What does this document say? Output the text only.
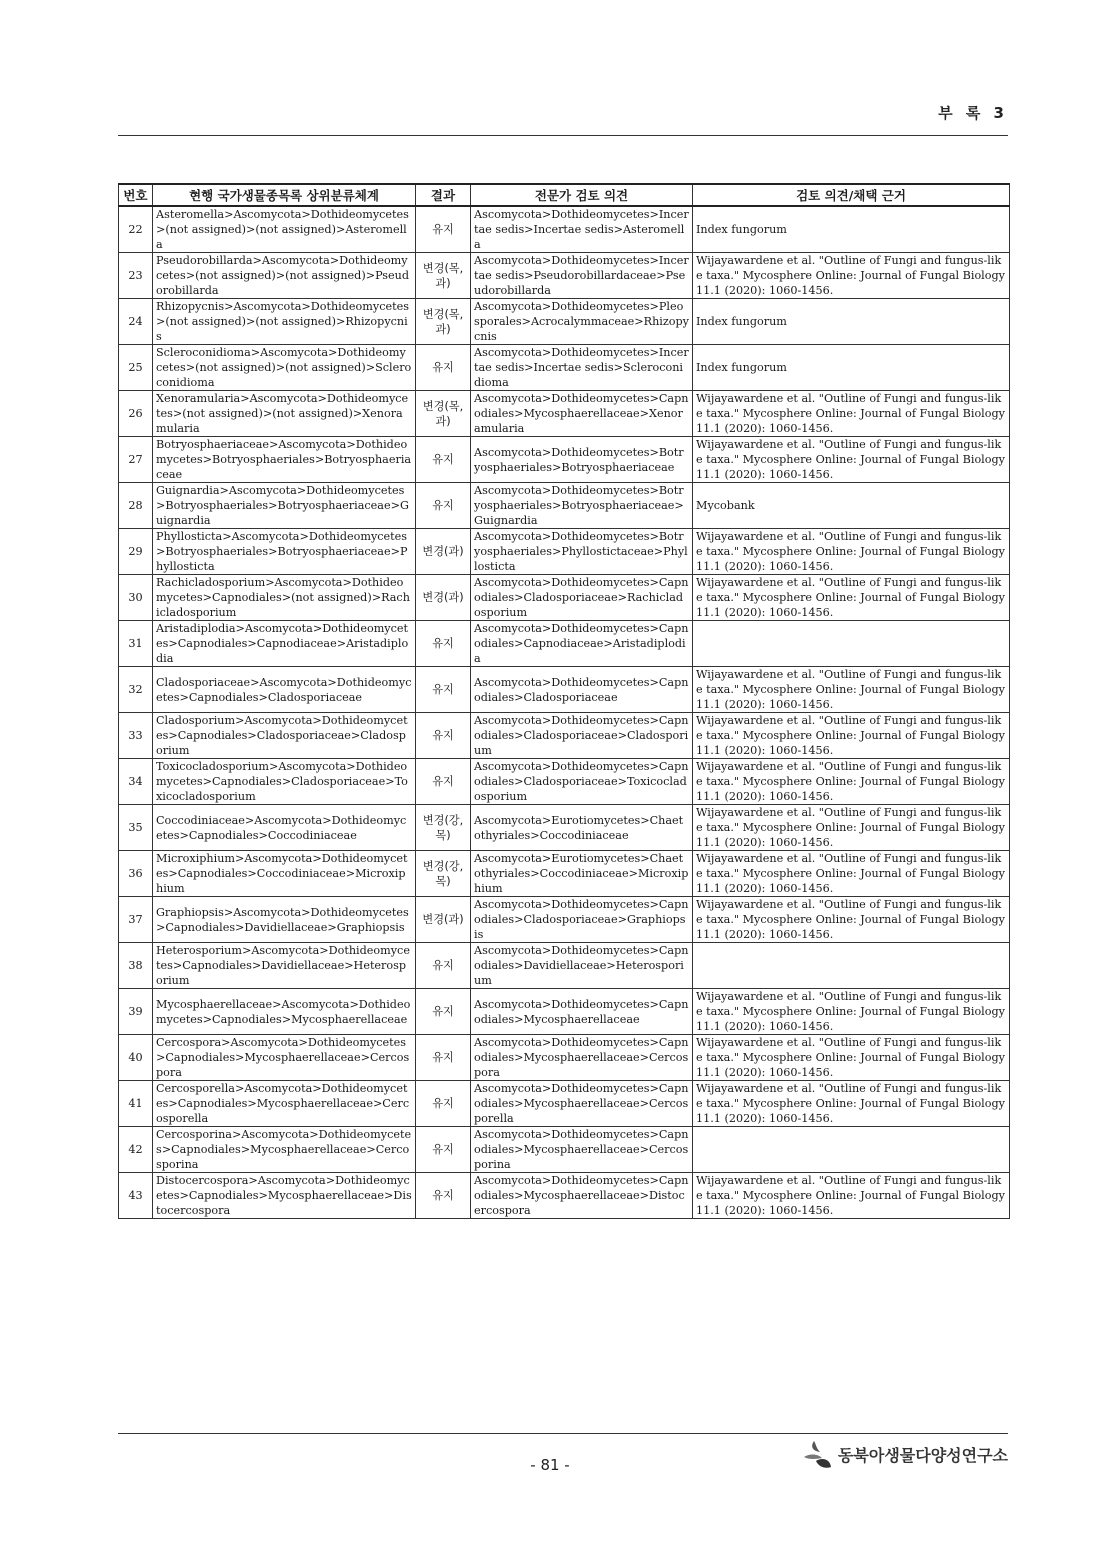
부 록 3
번호	현행 국가생물종목록 상위분류체계	결과	전문가 검토 의견	검토 의견/채택 근거
22	Asteromella>Ascomycota>Dothideomycetes>(not assigned)>(not assigned)>Asteromella	유지	Ascomycota>Dothideomycetes>Incertae sedis>Incertae sedis>Asteromella	Index fungorum
23	Pseudorobillarda>Ascomycota>Dothideomycetes>(not assigned)>(not assigned)>Pseudorobillarda	변경(목, 과)	Ascomycota>Dothideomycetes>Incertae sedis>Pseudorobillardaceae>Pseudorobillarda	Wijayawardene et al. "Outline of Fungi and fungus-like taxa." Mycosphere Online: Journal of Fungal Biology 11.1 (2020): 1060-1456.
24	Rhizopycnis>Ascomycota>Dothideomycetes>(not assigned)>(not assigned)>Rhizopycnis	변경(목, 과)	Ascomycota>Dothideomycetes>Pleosporales>Acrocalymmaceae>Rhizopycnis	Index fungorum
25	Scleroconidioma>Ascomycota>Dothideomycetes>(not assigned)>(not assigned)>Scleroconidioma	유지	Ascomycota>Dothideomycetes>Incertae sedis>Incertae sedis>Scleroconidioma	Index fungorum
26	Xenoramularia>Ascomycota>Dothideomycetes>(not assigned)>(not assigned)>Xenoramularia	변경(목, 과)	Ascomycota>Dothideomycetes>Capnodiales>Mycosphaerellaceae>Xenoramularia	Wijayawardene et al. "Outline of Fungi and fungus-like taxa." Mycosphere Online: Journal of Fungal Biology 11.1 (2020): 1060-1456.
27	Botryosphaeriaceae>Ascomycota>Dothideomycetes>Botryosphaeriales>Botryosphaeriaceae	유지	Ascomycota>Dothideomycetes>Botryosphaeriales>Botryosphaeriaceae	Wijayawardene et al. "Outline of Fungi and fungus-like taxa." Mycosphere Online: Journal of Fungal Biology 11.1 (2020): 1060-1456.
28	Guignardia>Ascomycota>Dothideomycetes>Botryosphaeriales>Botryosphaeriaceae>Guignardia	유지	Ascomycota>Dothideomycetes>Botryosphaeriales>Botryosphaeriaceae>Guignardia	Mycobank
29	Phyllosticta>Ascomycota>Dothideomycetes>Botryosphaeriales>Botryosphaeriaceae>Phyllosticta	변경(과)	Ascomycota>Dothideomycetes>Botryosphaeriales>Phyllostictaceae>Phyllosticta	Wijayawardene et al. "Outline of Fungi and fungus-like taxa." Mycosphere Online: Journal of Fungal Biology 11.1 (2020): 1060-1456.
30	Rachicladosporium>Ascomycota>Dothideomycetes>Capnodiales>(not assigned)>Rachicladosporium	변경(과)	Ascomycota>Dothideomycetes>Capnodiales>Cladosporiaceae>Rachicladosporium	Wijayawardene et al. "Outline of Fungi and fungus-like taxa." Mycosphere Online: Journal of Fungal Biology 11.1 (2020): 1060-1456.
31	Aristadiplodia>Ascomycota>Dothideomycetes>Capnodiales>Capnodiaceae>Aristadiplodia	유지	Ascomycota>Dothideomycetes>Capnodiales>Capnodiaceae>Aristadiplodia	
32	Cladosporiaceae>Ascomycota>Dothideomycetes>Capnodiales>Cladosporiaceae	유지	Ascomycota>Dothideomycetes>Capnodiales>Cladosporiaceae	Wijayawardene et al. "Outline of Fungi and fungus-like taxa." Mycosphere Online: Journal of Fungal Biology 11.1 (2020): 1060-1456.
33	Cladosporium>Ascomycota>Dothideomycetes>Capnodiales>Cladosporiaceae>Cladosporium	유지	Ascomycota>Dothideomycetes>Capnodiales>Cladosporiaceae>Cladosporium	Wijayawardene et al. "Outline of Fungi and fungus-like taxa." Mycosphere Online: Journal of Fungal Biology 11.1 (2020): 1060-1456.
34	Toxicocladosporium>Ascomycota>Dothideomycetes>Capnodiales>Cladosporiaceae>Toxicocladosporium	유지	Ascomycota>Dothideomycetes>Capnodiales>Cladosporiaceae>Toxicocladosporium	Wijayawardene et al. "Outline of Fungi and fungus-like taxa." Mycosphere Online: Journal of Fungal Biology 11.1 (2020): 1060-1456.
35	Coccodiniaceae>Ascomycota>Dothideomycetes>Capnodiales>Coccodiniaceae	변경(강, 목)	Ascomycota>Eurotiomycetes>Chaetothyriales>Coccodiniaceae	Wijayawardene et al. "Outline of Fungi and fungus-like taxa." Mycosphere Online: Journal of Fungal Biology 11.1 (2020): 1060-1456.
36	Microxiphium>Ascomycota>Dothideomycetes>Capnodiales>Coccodiniaceae>Microxiphium	변경(강, 목)	Ascomycota>Eurotiomycetes>Chaetothyriales>Coccodiniaceae>Microxiphium	Wijayawardene et al. "Outline of Fungi and fungus-like taxa." Mycosphere Online: Journal of Fungal Biology 11.1 (2020): 1060-1456.
37	Graphiopsis>Ascomycota>Dothideomycetes>Capnodiales>Davidiellaceae>Graphiopsis	변경(과)	Ascomycota>Dothideomycetes>Capnodiales>Cladosporiaceae>Graphiopsis	Wijayawardene et al. "Outline of Fungi and fungus-like taxa." Mycosphere Online: Journal of Fungal Biology 11.1 (2020): 1060-1456.
38	Heterosporium>Ascomycota>Dothideomycetes>Capnodiales>Davidiellaceae>Heterosporium	유지	Ascomycota>Dothideomycetes>Capnodiales>Davidiellaceae>Heterosporium	
39	Mycosphaerellaceae>Ascomycota>Dothideomycetes>Capnodiales>Mycosphaerellaceae	유지	Ascomycota>Dothideomycetes>Capnodiales>Mycosphaerellaceae	Wijayawardene et al. "Outline of Fungi and fungus-like taxa." Mycosphere Online: Journal of Fungal Biology 11.1 (2020): 1060-1456.
40	Cercospora>Ascomycota>Dothideomycetes>Capnodiales>Mycosphaerellaceae>Cercospora	유지	Ascomycota>Dothideomycetes>Capnodiales>Mycosphaerellaceae>Cercospora	Wijayawardene et al. "Outline of Fungi and fungus-like taxa." Mycosphere Online: Journal of Fungal Biology 11.1 (2020): 1060-1456.
41	Cercosporella>Ascomycota>Dothideomycetes>Capnodiales>Mycosphaerellaceae>Cercosporella	유지	Ascomycota>Dothideomycetes>Capnodiales>Mycosphaerellaceae>Cercosporella	Wijayawardene et al. "Outline of Fungi and fungus-like taxa." Mycosphere Online: Journal of Fungal Biology 11.1 (2020): 1060-1456.
42	Cercosporina>Ascomycota>Dothideomycetes>Capnodiales>Mycosphaerellaceae>Cercosporina	유지	Ascomycota>Dothideomycetes>Capnodiales>Mycosphaerellaceae>Cercosporina	
43	Distocercospora>Ascomycota>Dothideomycetes>Capnodiales>Mycosphaerellaceae>Distocercospora	유지	Ascomycota>Dothideomycetes>Capnodiales>Mycosphaerellaceae>Distocercospora	Wijayawardene et al. "Outline of Fungi and fungus-like taxa." Mycosphere Online: Journal of Fungal Biology 11.1 (2020): 1060-1456.
- 81 -
동북아생물다양성연구소
